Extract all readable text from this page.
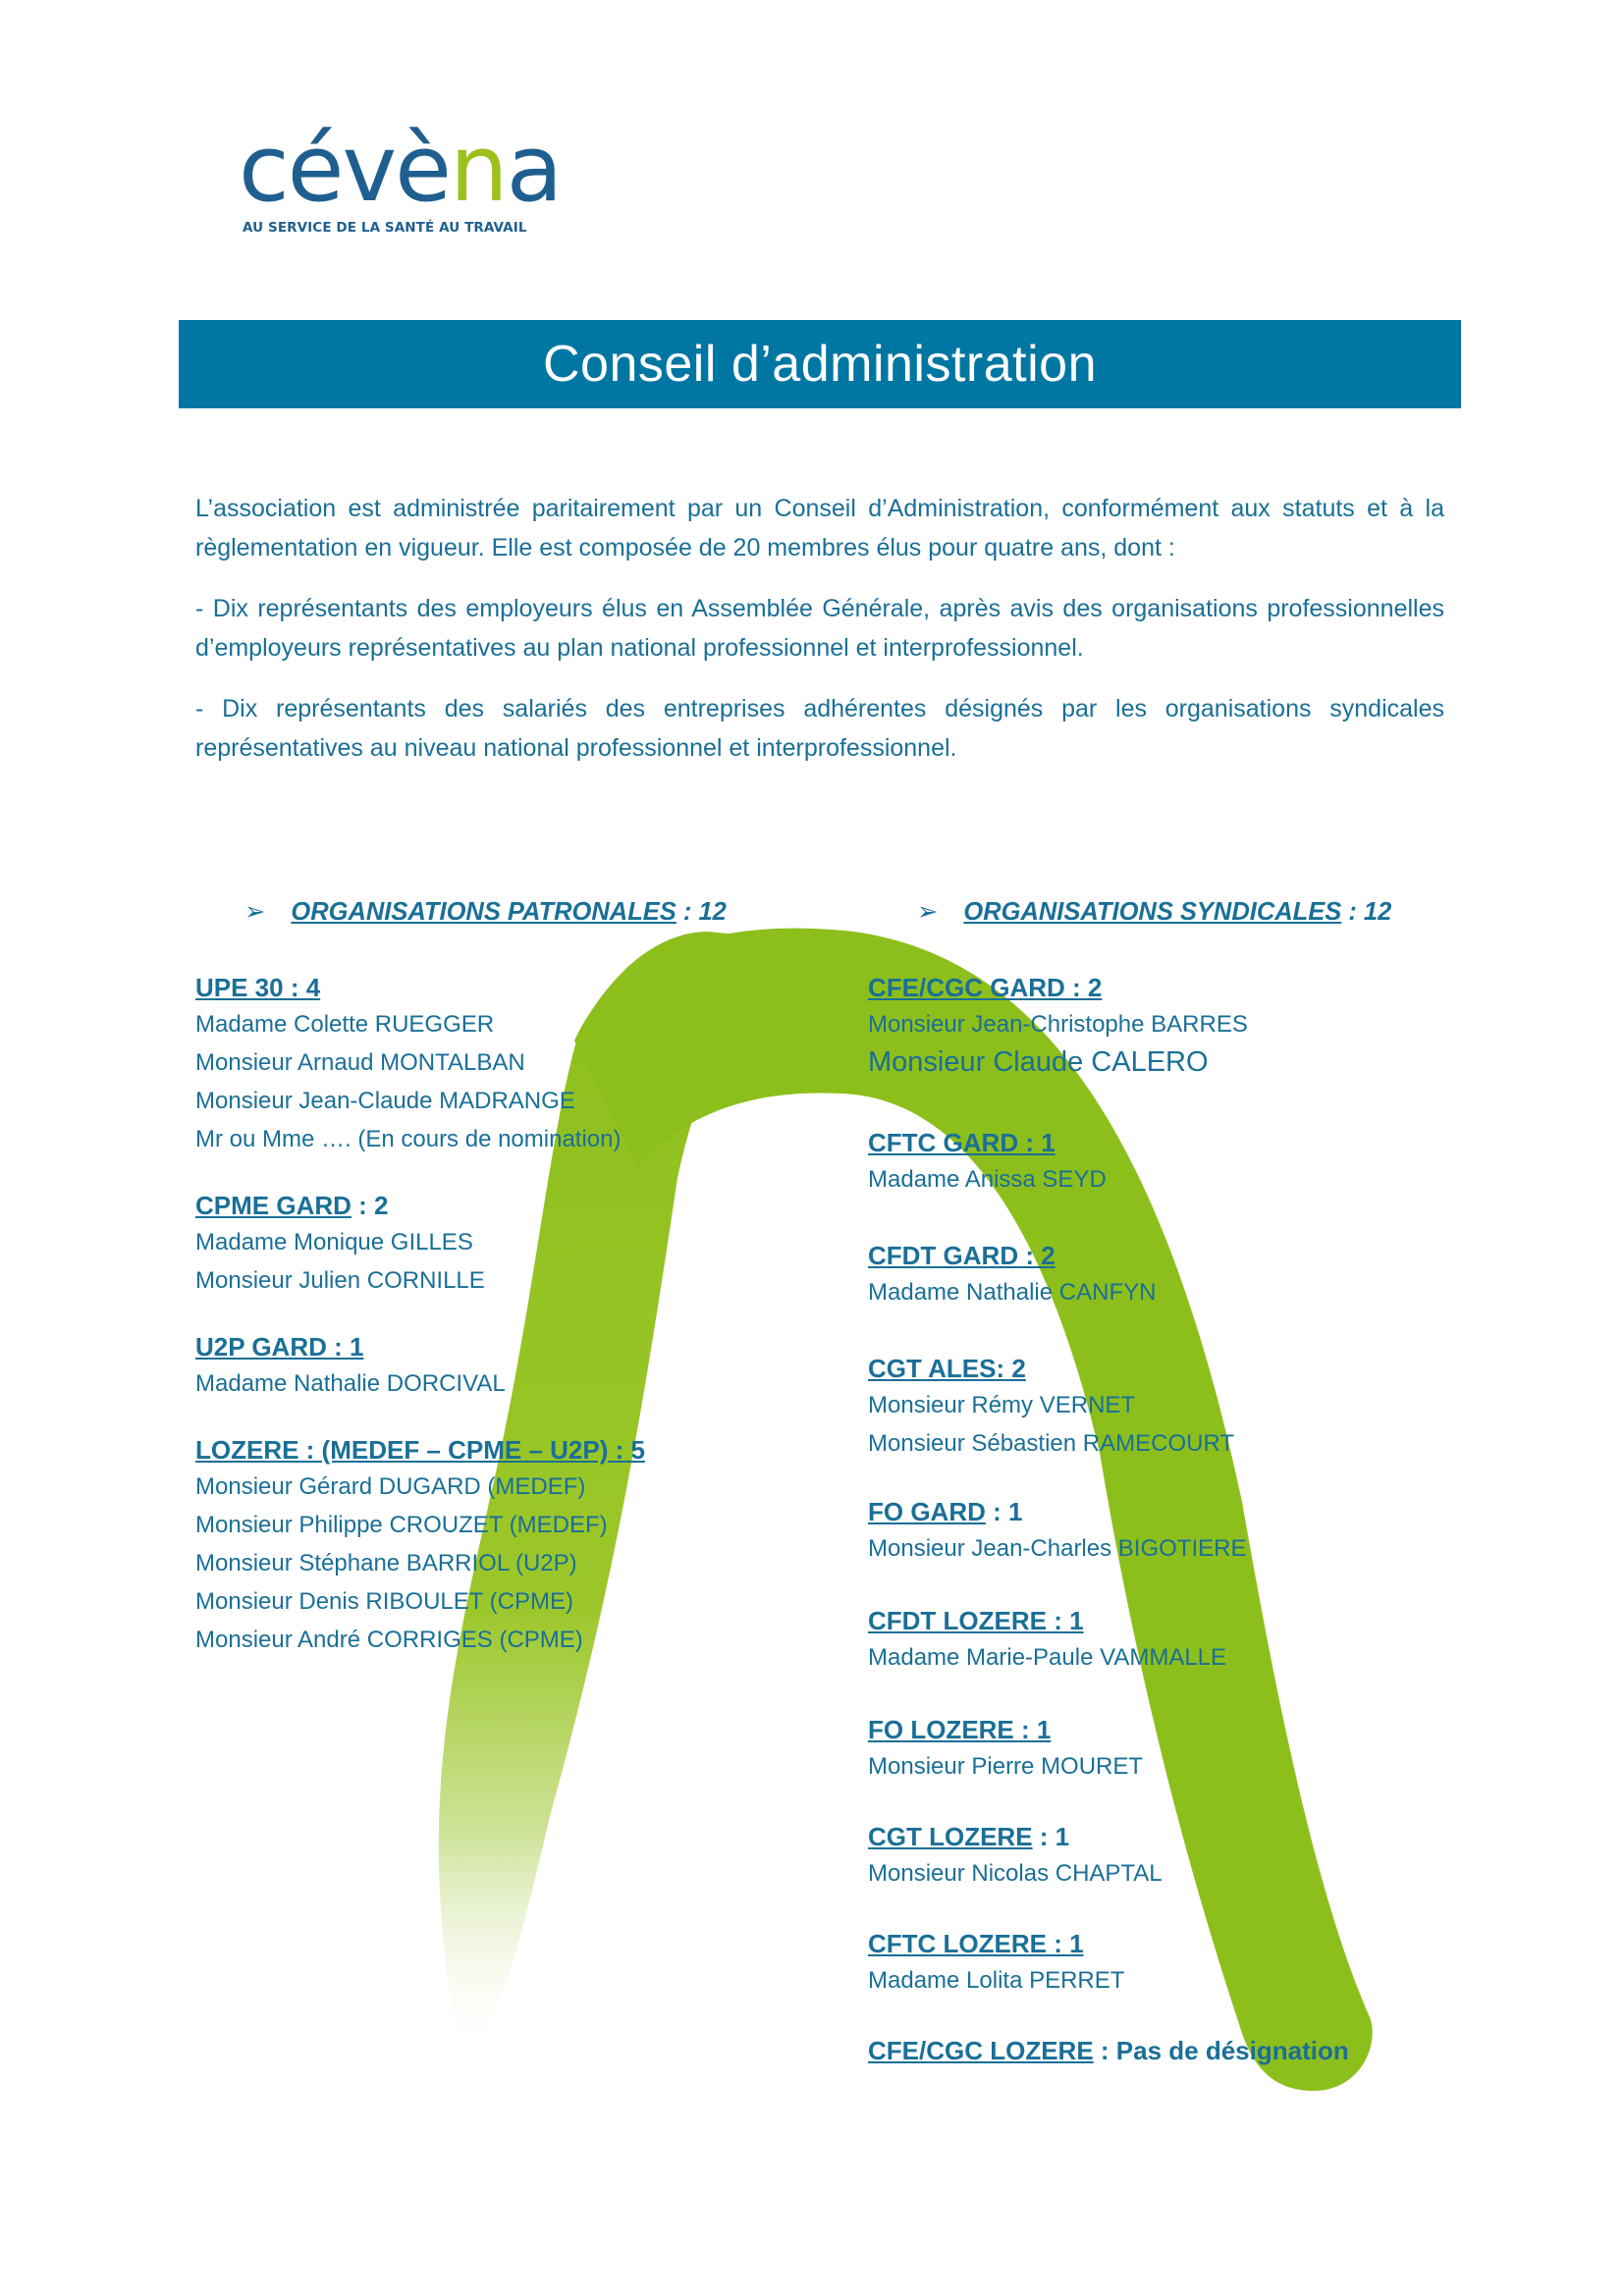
cévèna
AU SERVICE DE LA SANTÉ AU TRAVAIL
Conseil d’administration

L’association est administrée paritairement par un Conseil d’Administration, conformément aux statuts et à la règlementation en vigueur. Elle est composée de 20 membres élus pour quatre ans, dont :

- Dix représentants des employeurs élus en Assemblée Générale, après avis des organisations professionnelles d’employeurs représentatives au plan national professionnel et interprofessionnel.

- Dix représentants des salariés des entreprises adhérentes désignés par les organisations syndicales représentatives au niveau national professionnel et interprofessionnel.

➢ ORGANISATIONS PATRONALES : 12
UPE 30 : 4
Madame Colette RUEGGER
Monsieur Arnaud MONTALBAN
Monsieur Jean-Claude MADRANGE
Mr ou Mme …. (En cours de nomination)
CPME GARD : 2
Madame Monique GILLES
Monsieur Julien CORNILLE
U2P GARD : 1
Madame Nathalie DORCIVAL
LOZERE : (MEDEF – CPME – U2P) : 5
Monsieur Gérard DUGARD (MEDEF)
Monsieur Philippe CROUZET (MEDEF)
Monsieur Stéphane BARRIOL (U2P)
Monsieur Denis RIBOULET (CPME)
Monsieur André CORRIGES (CPME)
➢ ORGANISATIONS SYNDICALES : 12
CFE/CGC GARD : 2
Monsieur Jean-Christophe BARRES
Monsieur Claude CALERO
CFTC GARD : 1
Madame Anissa SEYD
CFDT GARD : 2
Madame Nathalie CANFYN
CGT ALES: 2
Monsieur Rémy VERNET
Monsieur Sébastien RAMECOURT
FO GARD : 1
Monsieur Jean-Charles BIGOTIERE
CFDT LOZERE : 1
Madame Marie-Paule VAMMALLE
FO LOZERE : 1
Monsieur Pierre MOURET
CGT LOZERE : 1
Monsieur Nicolas CHAPTAL
CFTC LOZERE : 1
Madame Lolita PERRET
CFE/CGC LOZERE : Pas de désignation
